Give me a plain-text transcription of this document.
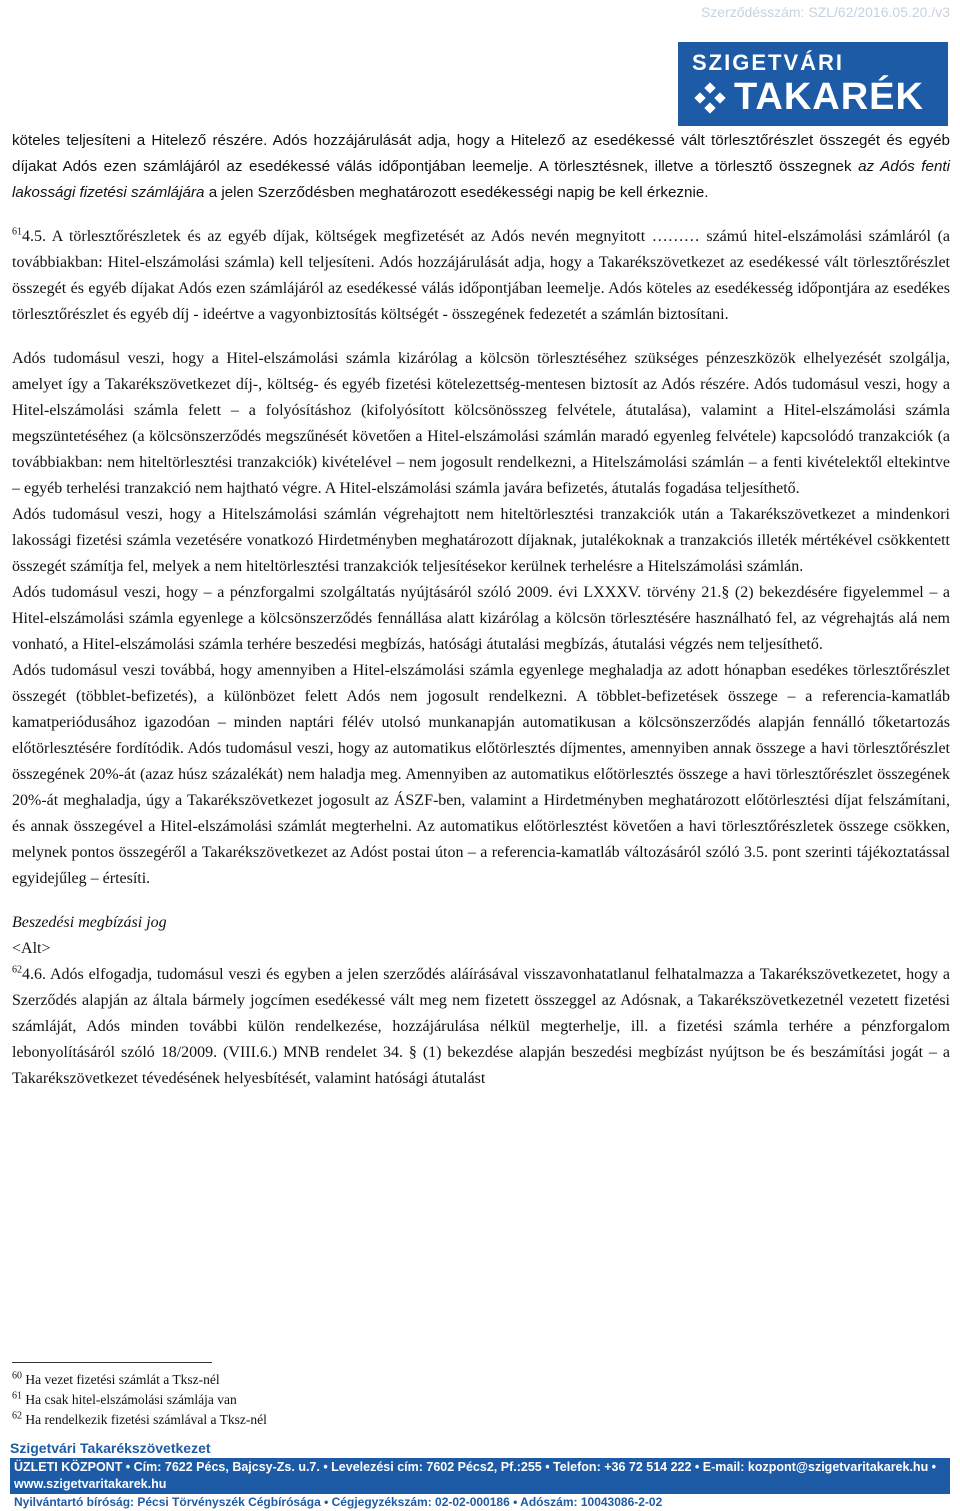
Szerződésszám: SZL/62/2016.05.20./v3
SZIGETVÁRI
TAKARÉK

köteles teljesíteni a Hitelező részére. Adós hozzájárulását adja, hogy a Hitelező az esedékessé vált törlesztőrészlet összegét és egyéb díjakat Adós ezen számlájáról az esedékessé válás időpontjában leemelje. A törlesztésnek, illetve a törlesztő összegnek az Adós fenti lakossági fizetési számlájára a jelen Szerződésben meghatározott esedékességi napig be kell érkeznie.

$^{61}$4.5. A törlesztőrészletek és az egyéb díjak, költségek megfizetését az Adós nevén megnyitott ……… számú hitel-elszámolási számláról (a továbbiakban: Hitel-elszámolási számla) kell teljesíteni. Adós hozzájárulását adja, hogy a Takarékszövetkezet az esedékessé vált törlesztőrészlet összegét és egyéb díjakat Adós ezen számlájáról az esedékessé válás időpontjában leemelje. Adós köteles az esedékesség időpontjára az esedékes törlesztőrészlet és egyéb díj - ideértve a vagyonbiztosítás költségét - összegének fedezetét a számlán biztosítani.

Adós tudomásul veszi, hogy a Hitel-elszámolási számla kizárólag a kölcsön törlesztéséhez szükséges pénzeszközök elhelyezését szolgálja, amelyet így a Takarékszövetkezet díj-, költség- és egyéb fizetési kötelezettség-mentesen biztosít az Adós részére. Adós tudomásul veszi, hogy a Hitel-elszámolási számla felett – a folyósításhoz (kifolyósított kölcsönösszeg felvétele, átutalása), valamint a Hitel-elszámolási számla megszüntetéséhez (a kölcsönszerződés megszűnését követően a Hitel-elszámolási számlán maradó egyenleg felvétele) kapcsolódó tranzakciók (a továbbiakban: nem hiteltörlesztési tranzakciók) kivételével – nem jogosult rendelkezni, a Hitelszámolási számlán – a fenti kivételektől eltekintve – egyéb terhelési tranzakció nem hajtható végre. A Hitel-elszámolási számla javára befizetés, átutalás fogadása teljesíthető.

Adós tudomásul veszi, hogy a Hitelszámolási számlán végrehajtott nem hiteltörlesztési tranzakciók után a Takarékszövetkezet a mindenkori lakossági fizetési számla vezetésére vonatkozó Hirdetményben meghatározott díjaknak, jutalékoknak a tranzakciós illeték mértékével csökkentett összegét számítja fel, melyek a nem hiteltörlesztési tranzakciók teljesítésekor kerülnek terhelésre a Hitelszámolási számlán.

Adós tudomásul veszi, hogy – a pénzforgalmi szolgáltatás nyújtásáról szóló 2009. évi LXXXV. törvény 21.§ (2) bekezdésére figyelemmel – a Hitel-elszámolási számla egyenlege a kölcsönszerződés fennállása alatt kizárólag a kölcsön törlesztésére használható fel, az végrehajtás alá nem vonható, a Hitel-elszámolási számla terhére beszedési megbízás, hatósági átutalási megbízás, átutalási végzés nem teljesíthető.

Adós tudomásul veszi továbbá, hogy amennyiben a Hitel-elszámolási számla egyenlege meghaladja az adott hónapban esedékes törlesztőrészlet összegét (többlet-befizetés), a különbözet felett Adós nem jogosult rendelkezni. A többlet-befizetések összege – a referencia-kamatláb kamatperiódusához igazodóan – minden naptári félév utolsó munkanapján automatikusan a kölcsönszerződés alapján fennálló tőketartozás előtörlesztésére fordítódik. Adós tudomásul veszi, hogy az automatikus előtörlesztés díjmentes, amennyiben annak összege a havi törlesztőrészlet összegének 20%-át (azaz húsz százalékát) nem haladja meg. Amennyiben az automatikus előtörlesztés összege a havi törlesztőrészlet összegének 20%-át meghaladja, úgy a Takarékszövetkezet jogosult az ÁSZF-ben, valamint a Hirdetményben meghatározott előtörlesztési díjat felszámítani, és annak összegével a Hitel-elszámolási számlát megterhelni. Az automatikus előtörlesztést követően a havi törlesztőrészletek összege csökken, melynek pontos összegéről a Takarékszövetkezet az Adóst postai úton – a referencia-kamatláb változásáról szóló 3.5. pont szerinti tájékoztatással egyidejűleg – értesíti.

Beszedési megbízási jog

<Alt>

$^{62}$4.6. Adós elfogadja, tudomásul veszi és egyben a jelen szerződés aláírásával visszavonhatatlanul felhatalmazza a Takarékszövetkezetet, hogy a Szerződés alapján az általa bármely jogcímen esedékessé vált meg nem fizetett összeggel az Adósnak, a Takarékszövetkezetnél vezetett fizetési számláját, Adós minden további külön rendelkezése, hozzájárulása nélkül megterhelje, ill. a fizetési számla terhére a pénzforgalom lebonyolításáról szóló 18/2009. (VIII.6.) MNB rendelet 34. § (1) bekezdése alapján beszedési megbízást nyújtson be és beszámítási jogát – a Takarékszövetkezet tévedésének helyesbítését, valamint hatósági átutalást

$^{60}$ Ha vezet fizetési számlát a Tksz-nél
$^{61}$ Ha csak hitel-elszámolási számlája van
$^{62}$ Ha rendelkezik fizetési számlával a Tksz-nél
Szigetvári Takarékszövetkezet
ÜZLETI KÖZPONT • Cím: 7622 Pécs, Bajcsy-Zs. u.7. • Levelezési cím: 7602 Pécs2, Pf.:255 • Telefon: +36 72 514 222 • E-mail: kozpont@szigetvaritakarek.hu • www.szigetvaritakarek.hu
Nyilvántartó bíróság: Pécsi Törvényszék Cégbírósága • Cégjegyzékszám: 02-02-000186 • Adószám: 10043086-2-02
